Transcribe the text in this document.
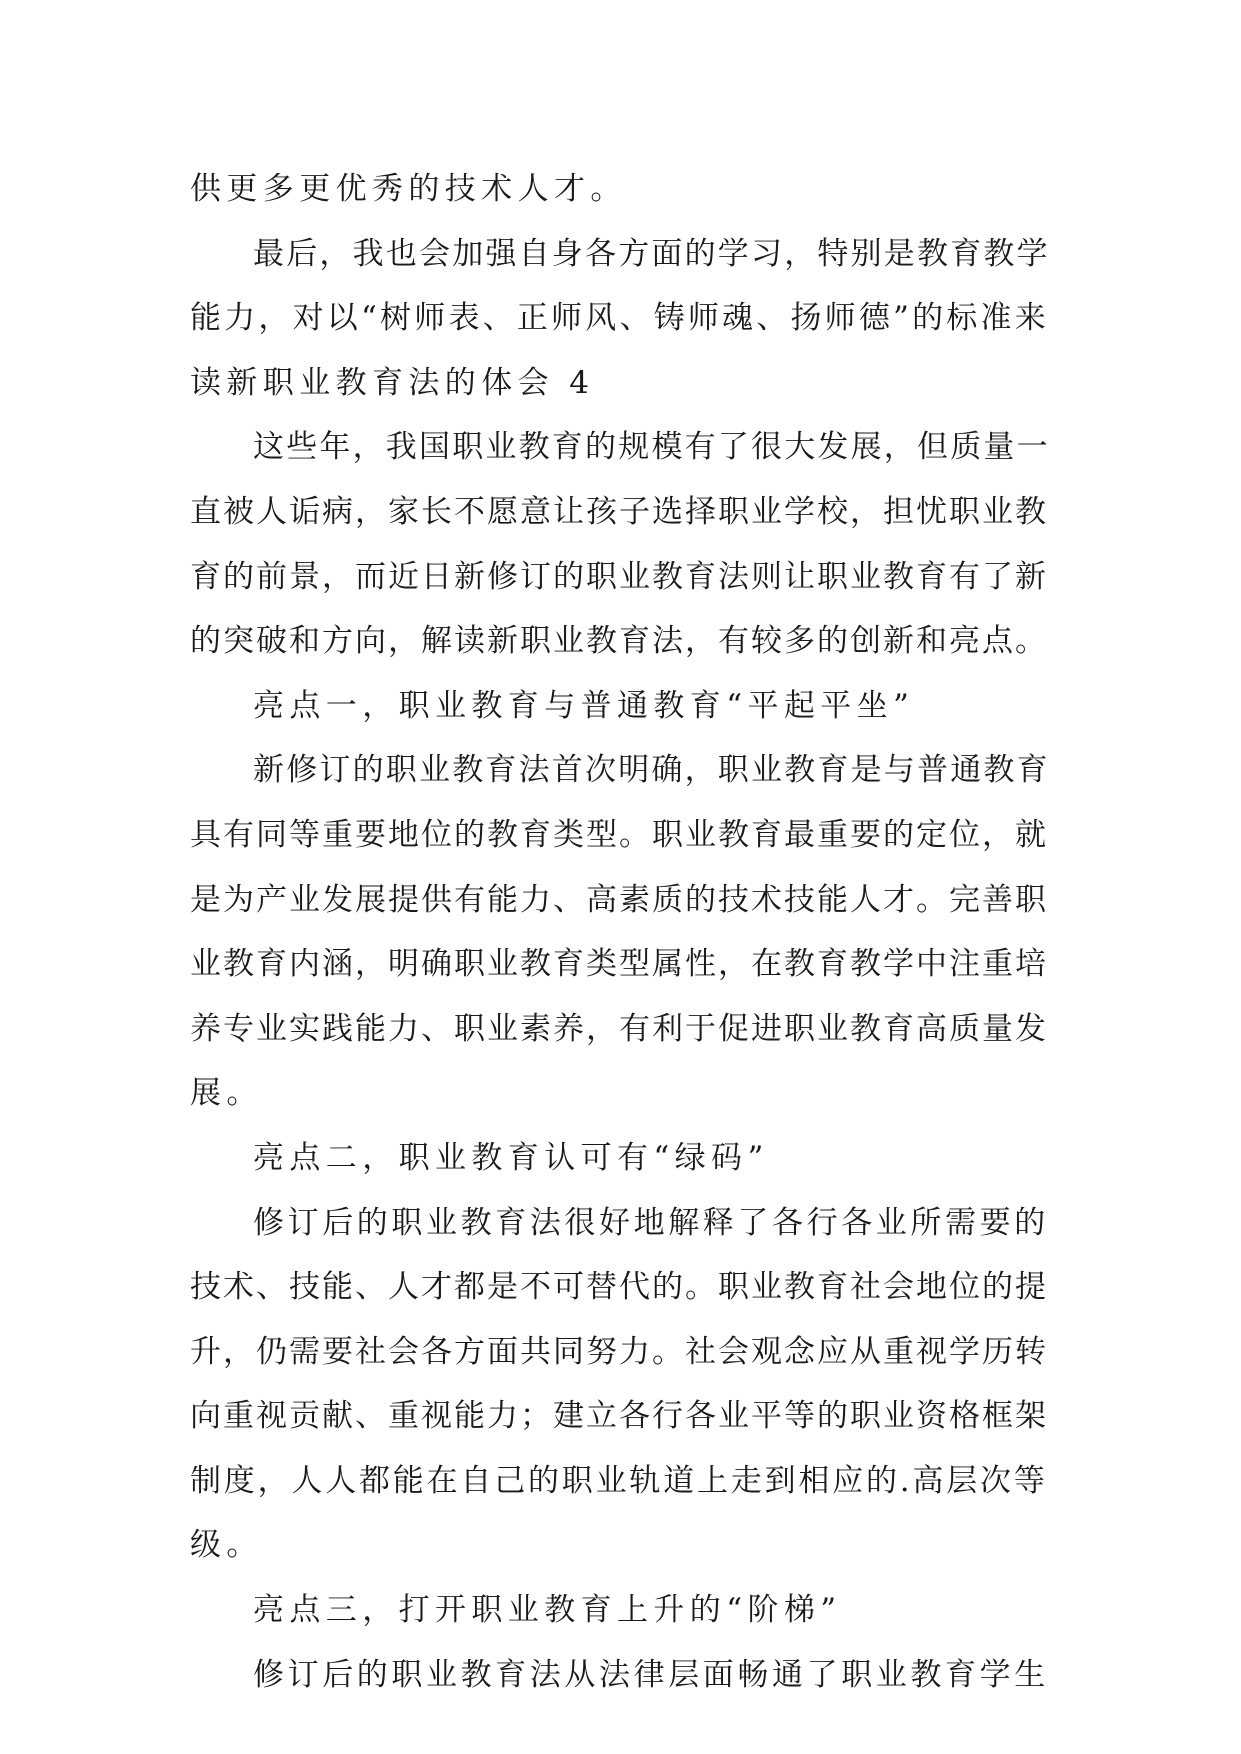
供更多更优秀的技术人才。
最后，我也会加强自身各方面的学习，特别是教育教学
能力，对以“树师表、正师风、铸师魂、扬师德”的标准来
读新职业教育法的体会 4
这些年，我国职业教育的规模有了很大发展，但质量一
直被人诟病，家长不愿意让孩子选择职业学校，担忧职业教
育的前景，而近日新修订的职业教育法则让职业教育有了新
的突破和方向，解读新职业教育法，有较多的创新和亮点。
亮点一，职业教育与普通教育“平起平坐”
新修订的职业教育法首次明确，职业教育是与普通教育
具有同等重要地位的教育类型。职业教育最重要的定位，就
是为产业发展提供有能力、高素质的技术技能人才。完善职
业教育内涵，明确职业教育类型属性，在教育教学中注重培
养专业实践能力、职业素养，有利于促进职业教育高质量发
展。
亮点二，职业教育认可有“绿码”
修订后的职业教育法很好地解释了各行各业所需要的
技术、技能、人才都是不可替代的。职业教育社会地位的提
升，仍需要社会各方面共同努力。社会观念应从重视学历转
向重视贡献、重视能力；建立各行各业平等的职业资格框架
制度，人人都能在自己的职业轨道上走到相应的.高层次等
级。
亮点三，打开职业教育上升的“阶梯”
修订后的职业教育法从法律层面畅通了职业教育学生
